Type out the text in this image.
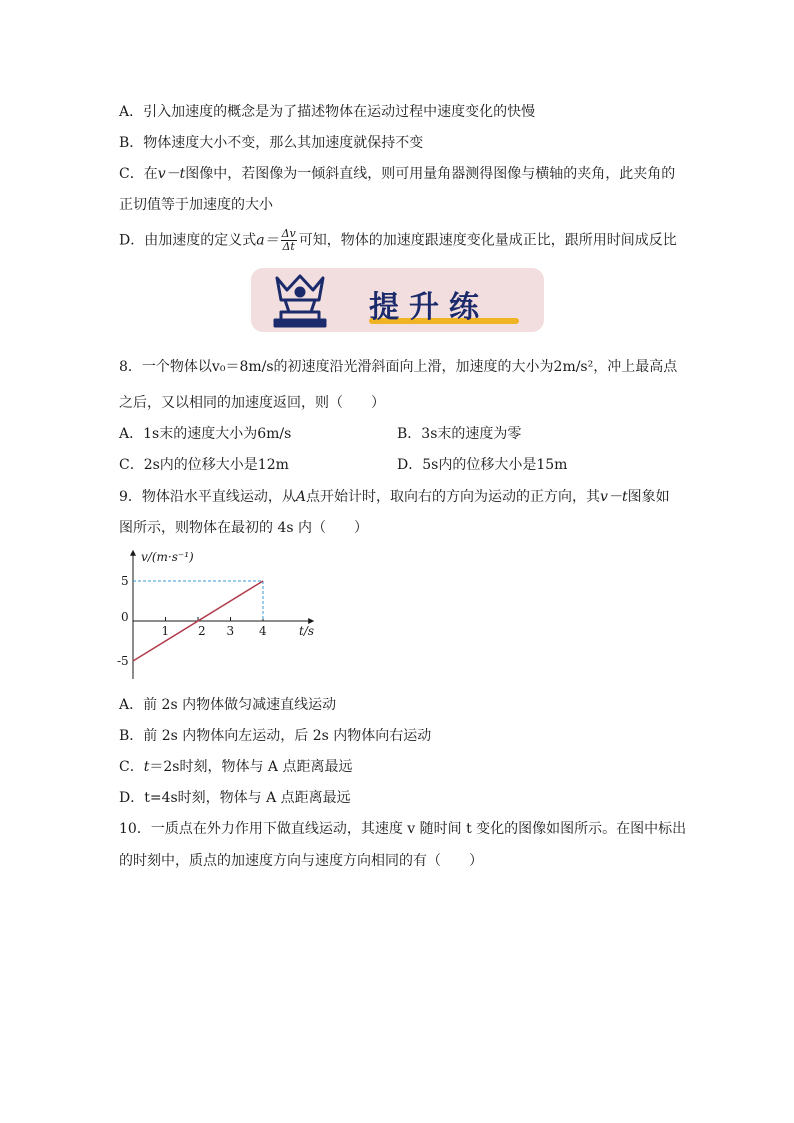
A．引入加速度的概念是为了描述物体在运动过程中速度变化的快慢
B．物体速度大小不变，那么其加速度就保持不变
C．在v－t图像中，若图像为一倾斜直线，则可用量角器测得图像与横轴的夹角，此夹角的
正切值等于加速度的大小
D．由加速度的定义式$a= \frac{\Delta v}{\Delta t}$ 可知，物体的加速度跟速度变化量成正比，跟所用时间成反比
提升练
8．一个物体以v₀＝8m/s的初速度沿光滑斜面向上滑，加速度的大小为2m/s²，冲上最高点
之后，又以相同的加速度返回，则（　　）
A．1s末的速度大小为6m/s	B．3s末的速度为零
C．2s内的位移大小是12m	D．5s内的位移大小是15m
9．物体沿水平直线运动，从A点开始计时，取向右的方向为运动的正方向，其v－t图象如
图所示，则物体在最初的 4s 内（　　）
v/(m·s⁻¹)
t/s
1 2 3 4
5
0
-5
A．前 2s 内物体做匀减速直线运动
B．前 2s 内物体向左运动，后 2s 内物体向右运动
C．t＝2s时刻，物体与 A 点距离最远
D．t=4s时刻，物体与 A 点距离最远
10．一质点在外力作用下做直线运动，其速度 v 随时间 t 变化的图像如图所示。在图中标出
的时刻中，质点的加速度方向与速度方向相同的有（　　）
